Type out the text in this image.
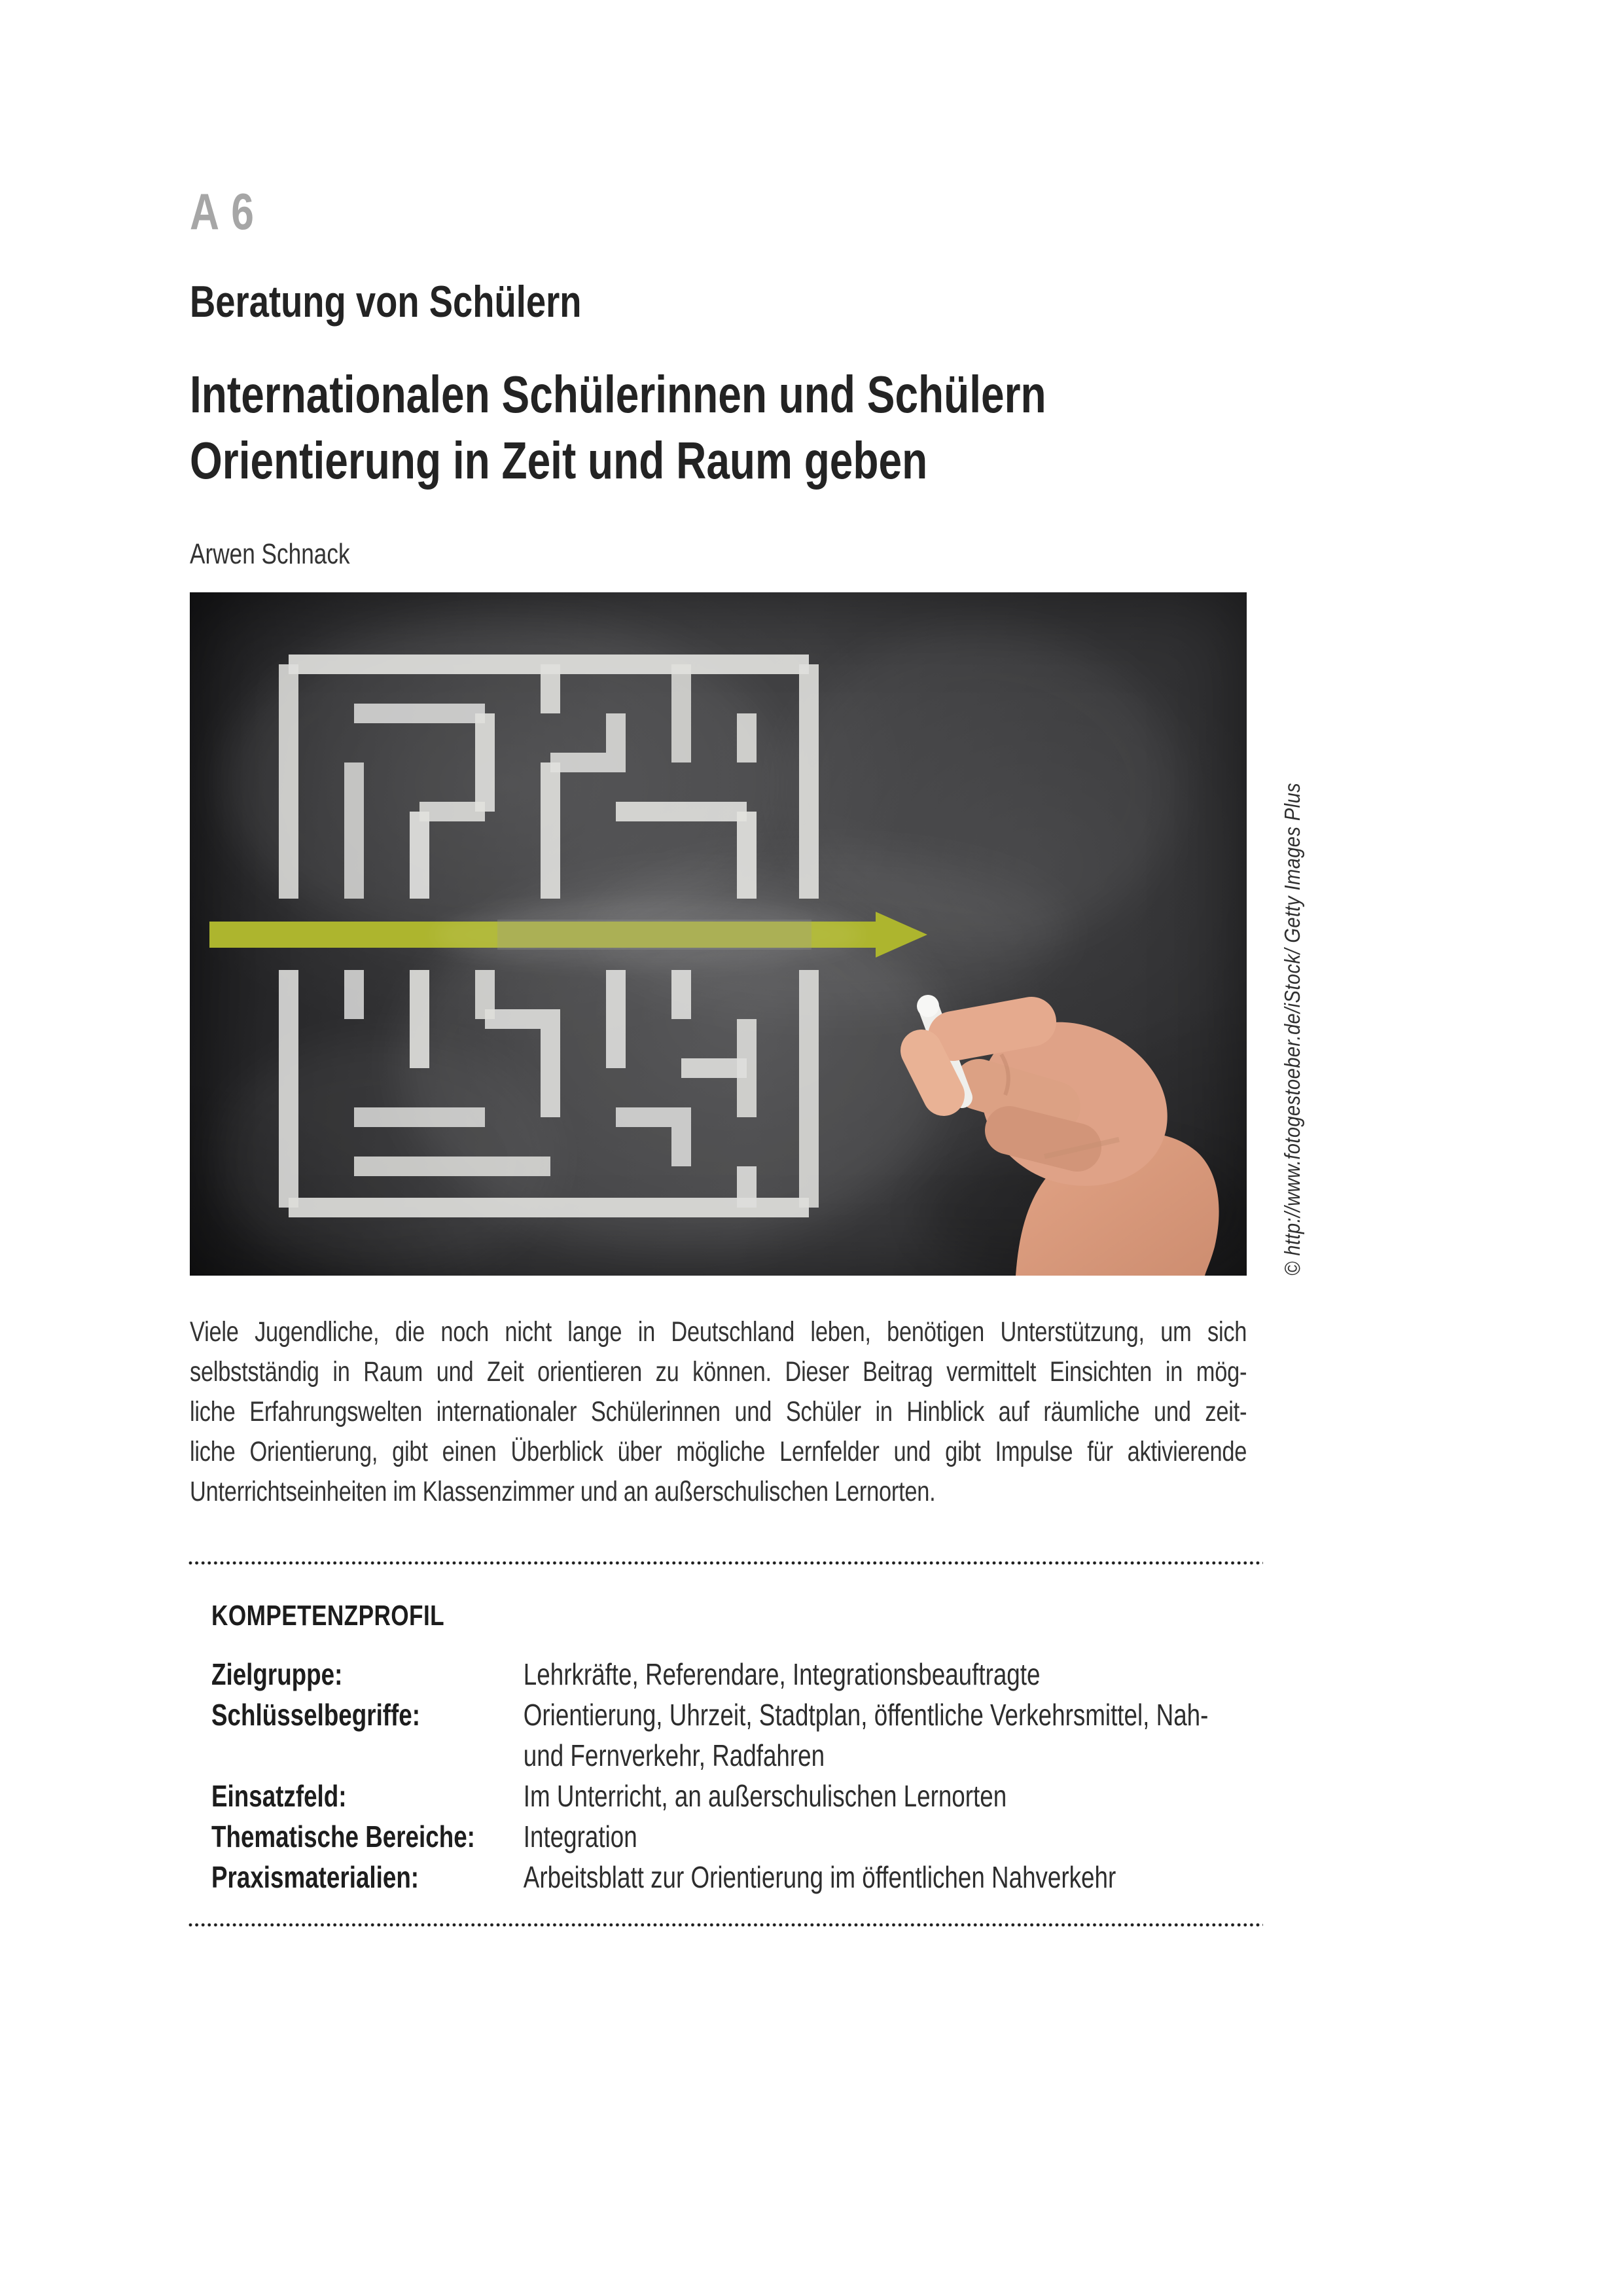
A 6
Beratung von Schülern
Internationalen Schülerinnen und Schülern
Orientierung in Zeit und Raum geben
Arwen Schnack
© http://www.fotogestoeber.de/iStock/ Getty Images Plus
Viele Jugendliche, die noch nicht lange in Deutschland leben, benötigen Unterstützung, um sich
selbstständig in Raum und Zeit orientieren zu können. Dieser Beitrag vermittelt Einsichten in mög-
liche Erfahrungswelten internationaler Schülerinnen und Schüler in Hinblick auf räumliche und zeit-
liche Orientierung, gibt einen Überblick über mögliche Lernfelder und gibt Impulse für aktivierende
Unterrichtseinheiten im Klassenzimmer und an außerschulischen Lernorten.
KOMPETENZPROFIL
Zielgruppe:	Lehrkräfte, Referendare, Integrationsbeauftragte
Schlüsselbegriffe:	Orientierung, Uhrzeit, Stadtplan, öffentliche Verkehrsmittel, Nah-
und Fernverkehr, Radfahren
Einsatzfeld:	Im Unterricht, an außerschulischen Lernorten
Thematische Bereiche:	Integration
Praxismaterialien:	Arbeitsblatt zur Orientierung im öffentlichen Nahverkehr
